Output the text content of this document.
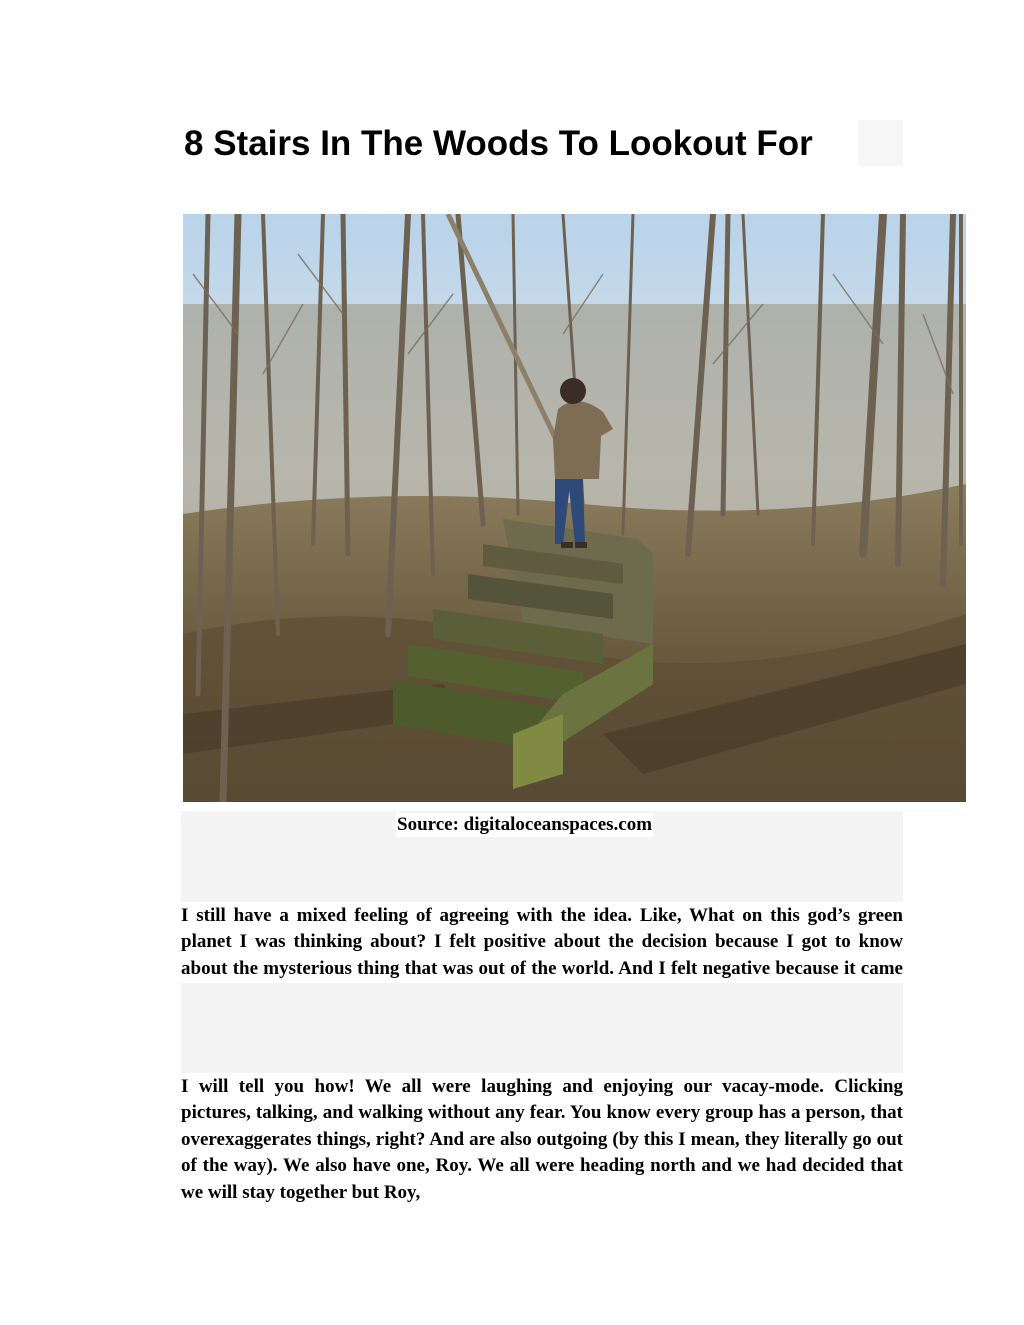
8 Stairs In The Woods To Lookout For
Source: digitaloceanspaces.com

I still have a mixed feeling of agreeing with the idea. Like, What on this god’s green planet I was thinking about? I felt positive about the decision because I got to know about the mysterious thing that was out of the world. And I felt negative because it came

I will tell you how! We all were laughing and enjoying our vacay-mode. Clicking pictures, talking, and walking without any fear. You know every group has a person, that overexaggerates things, right? And are also outgoing (by this I mean, they literally go out of the way). We also have one, Roy. We all were heading north and we had decided that we will stay together but Roy,
